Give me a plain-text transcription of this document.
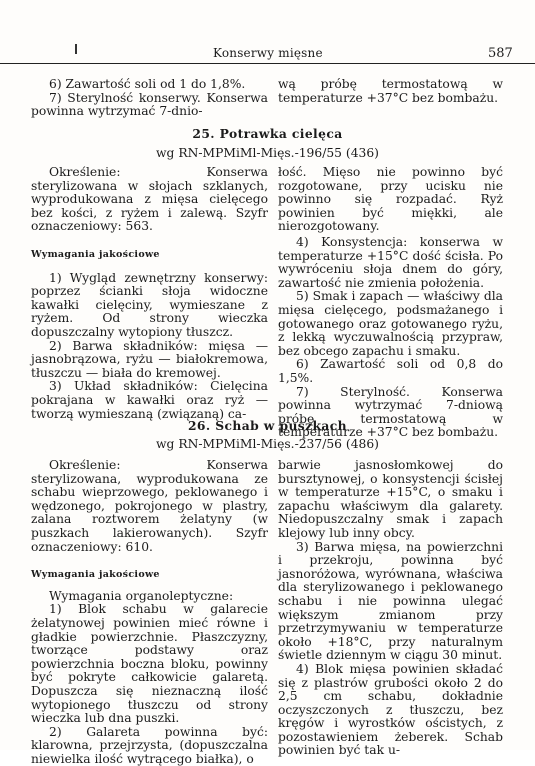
Konserwy mięsne	587

6) Zawartość soli od 1 do 1,8%.

7) Sterylność konserwy. Konserwa powinna wytrzymać 7-dnio-

wą próbę termostatową w temperaturze +37°C bez bombażu.

25. Potrawka cielęca
wg RN-MPMiMl-Mięs.-196/55 (436)

Określenie: Konserwa sterylizowana w słojach szklanych, wyprodukowana z mięsa cielęcego bez kości, z ryżem i zalewą. Szyfr oznaczeniowy: 563.

Wymagania jakościowe

1) Wygląd zewnętrzny konserwy: poprzez ścianki słoja widoczne kawałki cielęciny, wymieszane z ryżem. Od strony wieczka dopuszczalny wytopiony tłuszcz.

2) Barwa składników: mięsa — jasnobrązowa, ryżu — białokremowa, tłuszczu — biała do kremowej.

3) Układ składników: Cielęcina pokrajana w kawałki oraz ryż — tworzą wymieszaną (związaną) ca-

łość. Mięso nie powinno być rozgotowane, przy ucisku nie powinno się rozpadać. Ryż powinien być miękki, ale nierozgotowany.

4) Konsystencja: konserwa w temperaturze +15°C dość ścisła. Po wywróceniu słoja dnem do góry, zawartość nie zmienia położenia.

5) Smak i zapach — właściwy dla mięsa cielęcego, podsmażanego i gotowanego oraz gotowanego ryżu, z lekką wyczuwalnością przypraw, bez obcego zapachu i smaku.

6) Zawartość soli od 0,8 do 1,5%.

7) Sterylność. Konserwa powinna wytrzymać 7-dniową próbę termostatową w temperaturze +37°C bez bombażu.

26. Schab w puszkach
wg RN-MPMiMl-Mięs.-237/56 (486)

Określenie: Konserwa sterylizowana, wyprodukowana ze schabu wieprzowego, peklowanego i wędzonego, pokrojonego w plastry, zalana roztworem żelatyny (w puszkach lakierowanych). Szyfr oznaczeniowy: 610.

Wymagania jakościowe

Wymagania organoleptyczne:

1) Blok schabu w galarecie żelatynowej powinien mieć równe i gładkie powierzchnie. Płaszczyzny, tworzące podstawy oraz powierzchnia boczna bloku, powinny być pokryte całkowicie galaretą. Dopuszcza się nieznaczną ilość wytopionego tłuszczu od strony wieczka lub dna puszki.

2) Galareta powinna być: klarowna, przejrzysta, (dopuszczalna niewielka ilość wytrącego białka), o

barwie jasnosłomkowej do bursztynowej, o konsystencji ścisłej w temperaturze +15°C, o smaku i zapachu właściwym dla galarety. Niedopuszczalny smak i zapach klejowy lub inny obcy.

3) Barwa mięsa, na powierzchni i przekroju, powinna być jasnoróżowa, wyrównana, właściwa dla sterylizowanego i peklowanego schabu i nie powinna ulegać większym zmianom przy przetrzymywaniu w temperaturze około +18°C, przy naturalnym świetle dziennym w ciągu 30 minut.

4) Blok mięsa powinien składać się z plastrów grubości około 2 do 2,5 cm schabu, dokładnie oczyszczonych z tłuszczu, bez kręgów i wyrostków ościstych, z pozostawieniem żeberek. Schab powinien być tak u-
